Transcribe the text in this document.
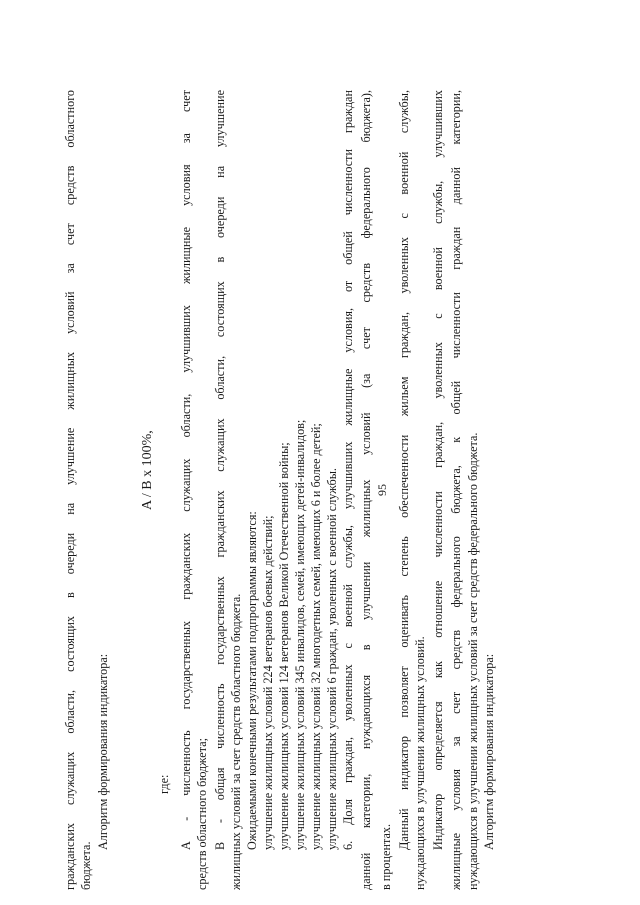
95
гражданских служащих области, состоящих в очереди на улучшение жилищных условий за счет средств областного бюджета.
Алгоритм формирования индикатора:
A / B x 100%,
где: A - численность государственных гражданских служащих области, улучшивших жилищные условия за счет средств областного бюджета; B - общая численность государственных гражданских служащих области, состоящих в очереди на улучшение жилищных условий за счет средств областного бюджета. Ожидаемыми конечными результатами подпрограммы являются: улучшение жилищных условий 224 ветеранов боевых действий; улучшение жилищных условий 124 ветеранов Великой Отечественной войны; улучшение жилищных условий 345 инвалидов, семей, имеющих детей-инвалидов; улучшение жилищных условий 32 многодетных семей, имеющих 6 и более детей; улучшение жилищных условий 6 граждан, уволенных с военной службы. 6. Доля граждан, уволенных с военной службы, улучшивших жилищные условия, от общей численности граждан данной категории, нуждающихся в улучшении жилищных условий (за счет средств федерального бюджета), в процентах.
Данный индикатор позволяет оценивать степень обеспеченности жильем граждан, уволенных с военной службы, нуждающихся в улучшении жилищных условий. Индикатор определяется как отношение численности граждан, уволенных с военной службы, улучшивших жилищные условия за счет средств федерального бюджета, к общей численности граждан данной категории, нуждающихся в улучшении жилищных условий за счет средств федерального бюджета. Алгоритм формирования индикатора:
